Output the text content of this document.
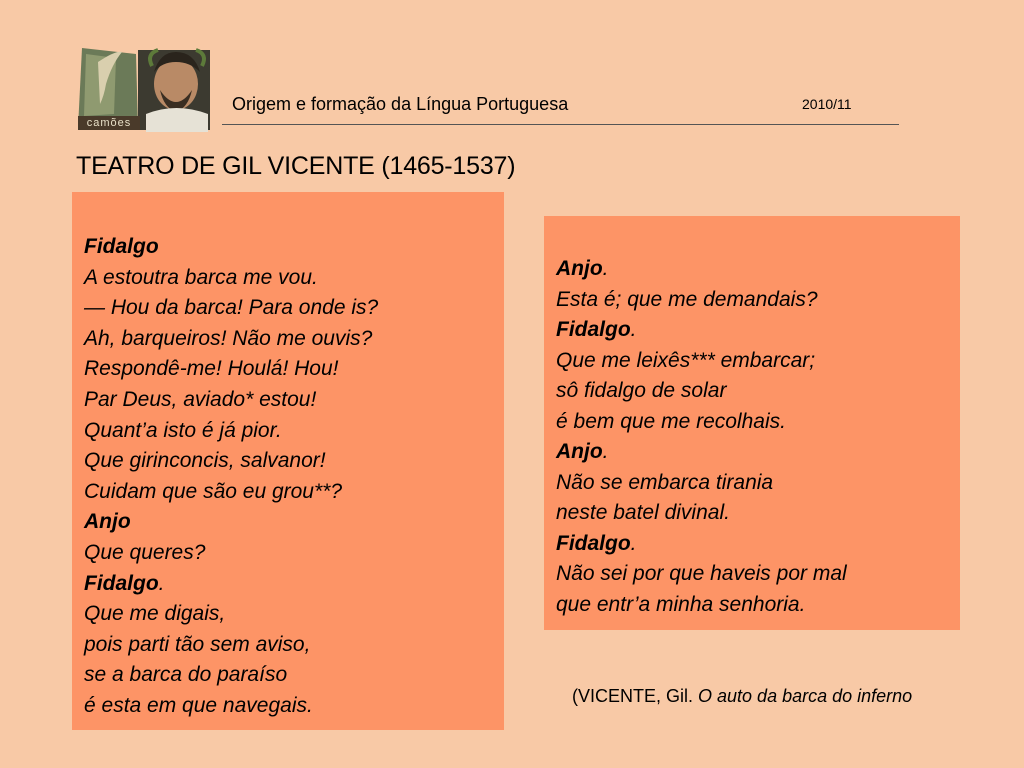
camões
Origem e formação da Língua Portuguesa	2010/11
TEATRO DE GIL VICENTE (1465-1537)
Fidalgo
A estoutra barca me vou.
— Hou da barca! Para onde is?
Ah, barqueiros! Não me ouvis?
Respondê-me! Houlá! Hou!
Par Deus, aviado* estou!
Quant’a isto é já pior.
Que girinconcis, salvanor!
Cuidam que são eu grou**?
Anjo
Que queres?
Fidalgo.
Que me digais,
pois parti tão sem aviso,
se a barca do paraíso
é esta em que navegais.
Anjo.
Esta é; que me demandais?
Fidalgo.
Que me leixês*** embarcar;
sô fidalgo de solar
é bem que me recolhais.
Anjo.
Não se embarca tirania
neste batel divinal.
Fidalgo.
Não sei por que haveis por mal
que entr’a minha senhoria.
(VICENTE, Gil. O auto da barca do inferno
